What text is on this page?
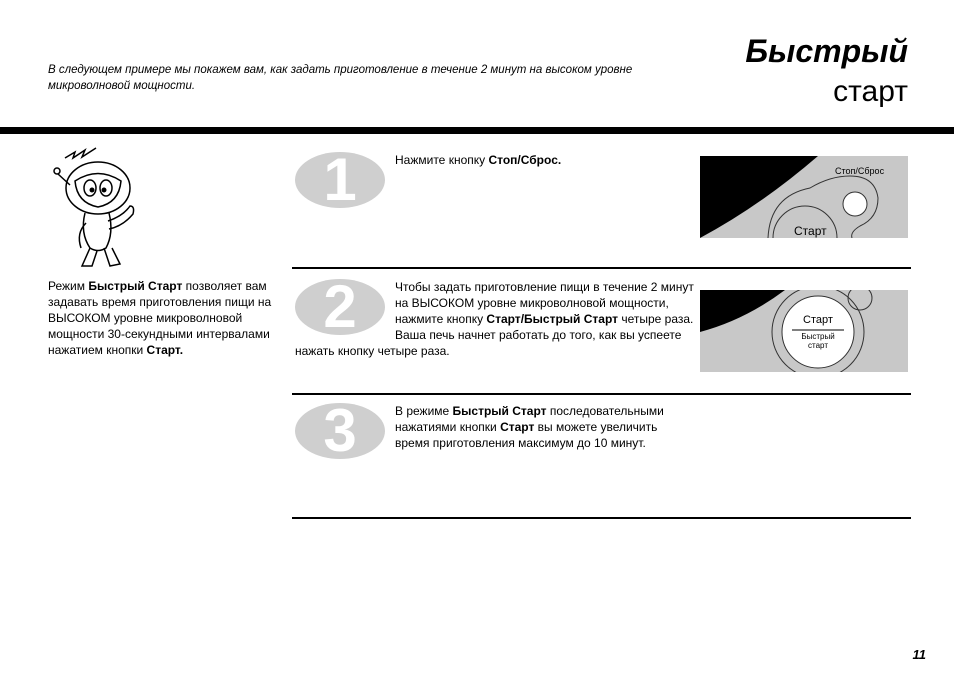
В следующем примере мы покажем вам, как задать приготовление в течение 2 минут на высоком уровне микроволновой мощности.
Быстрый
старт
Режим Быстрый Старт позволяет вам задавать время приготовления пищи на ВЫСОКОМ уровне микроволновой мощности 30-секундными интервалами нажатием кнопки Старт.
1	Нажмите кнопку Стоп/Сброс.
Стоп/Сброс
Старт
2	Чтобы задать приготовление пищи в течение 2 минут на ВЫСОКОМ уровне микроволновой мощности, нажмите кнопку Старт/Быстрый Старт четыре раза.
Ваша печь начнет работать до того, как вы успеете нажать кнопку четыре раза.
Старт
Быстрый
старт
3	В режиме Быстрый Старт последовательными нажатиями кнопки Старт вы можете увеличить время приготовления максимум до 10 минут.
11
